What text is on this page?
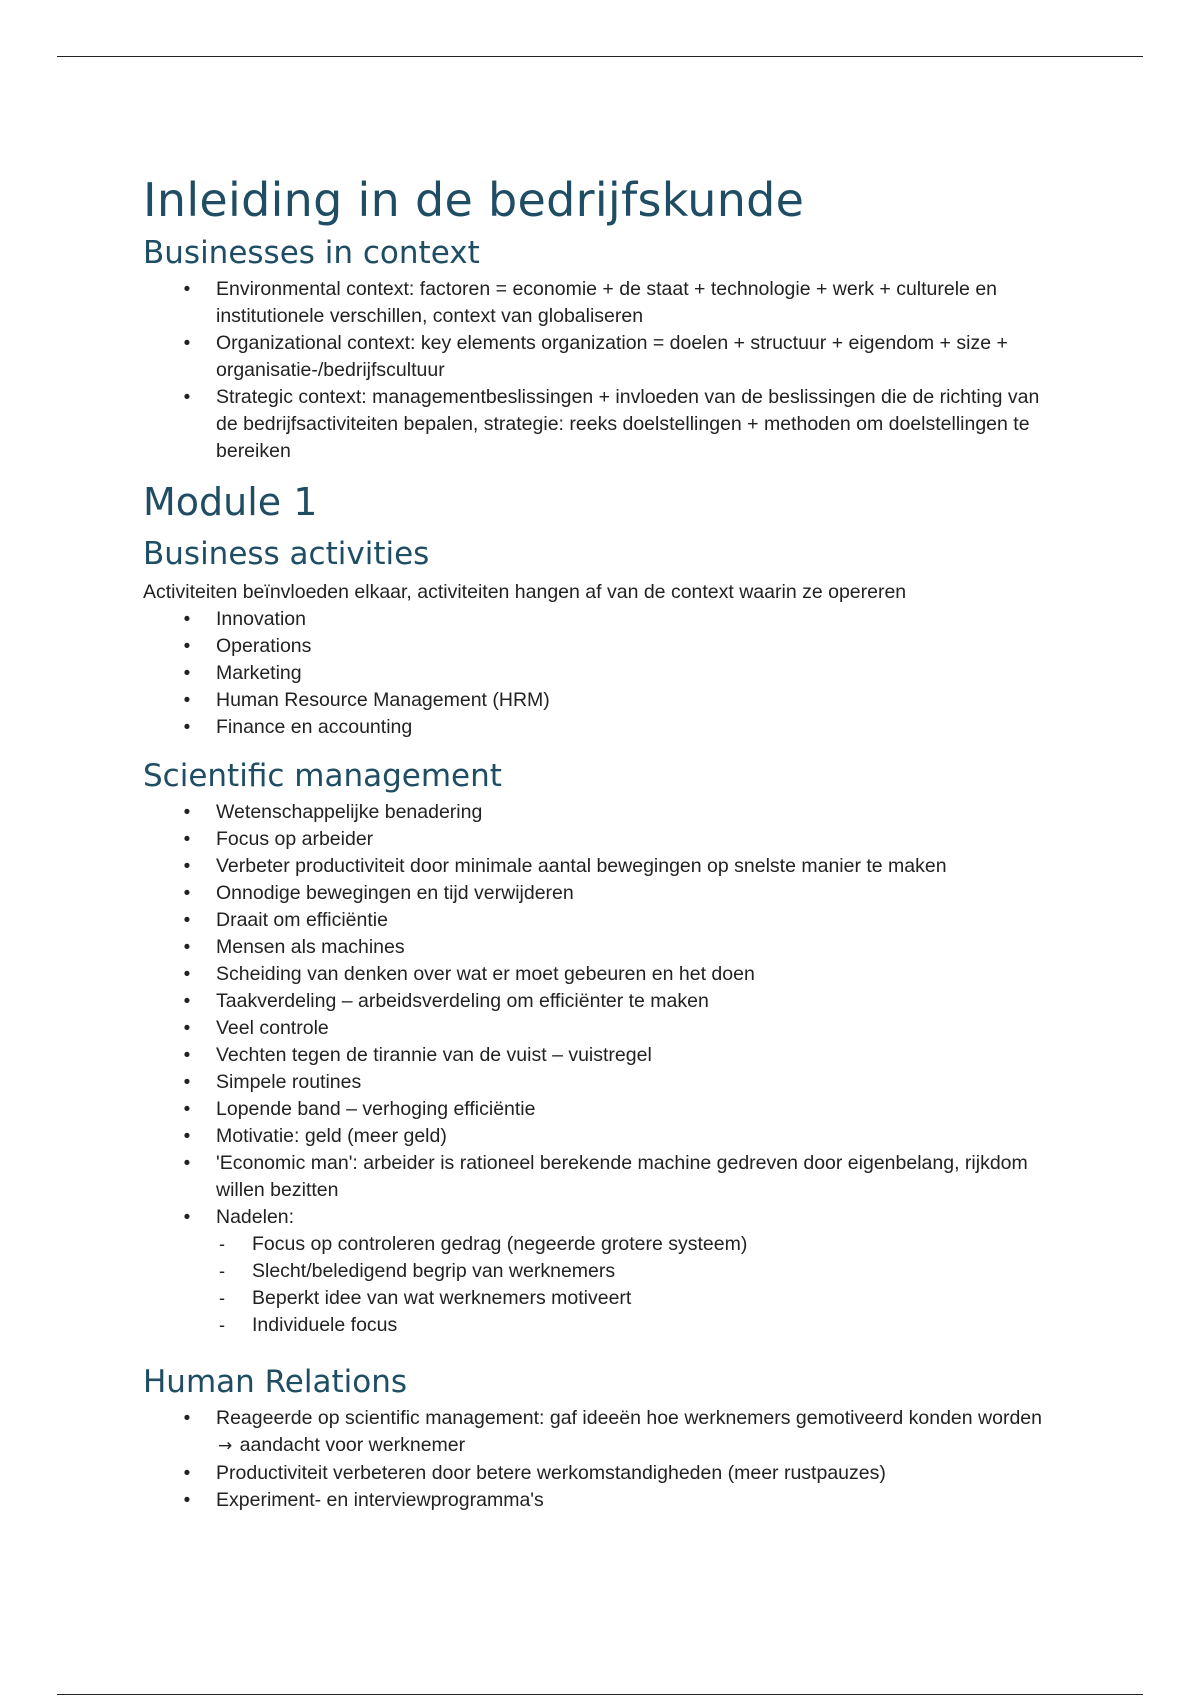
Inleiding in de bedrijfskunde
Businesses in context
• Environmental context: factoren = economie + de staat + technologie + werk + culturele en institutionele verschillen, context van globaliseren
• Organizational context: key elements organization = doelen + structuur + eigendom + size + organisatie-/bedrijfscultuur
• Strategic context: managementbeslissingen + invloeden van de beslissingen die de richting van de bedrijfsactiviteiten bepalen, strategie: reeks doelstellingen + methoden om doelstellingen te bereiken
Module 1
Business activities

Activiteiten beïnvloeden elkaar, activiteiten hangen af van de context waarin ze opereren

• Innovation
• Operations
• Marketing
• Human Resource Management (HRM)
• Finance en accounting
Scientific management
• Wetenschappelijke benadering
• Focus op arbeider
• Verbeter productiviteit door minimale aantal bewegingen op snelste manier te maken
• Onnodige bewegingen en tijd verwijderen
• Draait om efficiëntie
• Mensen als machines
• Scheiding van denken over wat er moet gebeuren en het doen
• Taakverdeling – arbeidsverdeling om efficiënter te maken
• Veel controle
• Vechten tegen de tirannie van de vuist – vuistregel
• Simpele routines
• Lopende band – verhoging efficiëntie
• Motivatie: geld (meer geld)
• 'Economic man': arbeider is rationeel berekende machine gedreven door eigenbelang, rijkdom willen bezitten
• Nadelen:
- Focus op controleren gedrag (negeerde grotere systeem)
- Slecht/beledigend begrip van werknemers
- Beperkt idee van wat werknemers motiveert
- Individuele focus
Human Relations
• Reageerde op scientific management: gaf ideeën hoe werknemers gemotiveerd konden worden → aandacht voor werknemer
• Productiviteit verbeteren door betere werkomstandigheden (meer rustpauzes)
• Experiment- en interviewprogramma's
